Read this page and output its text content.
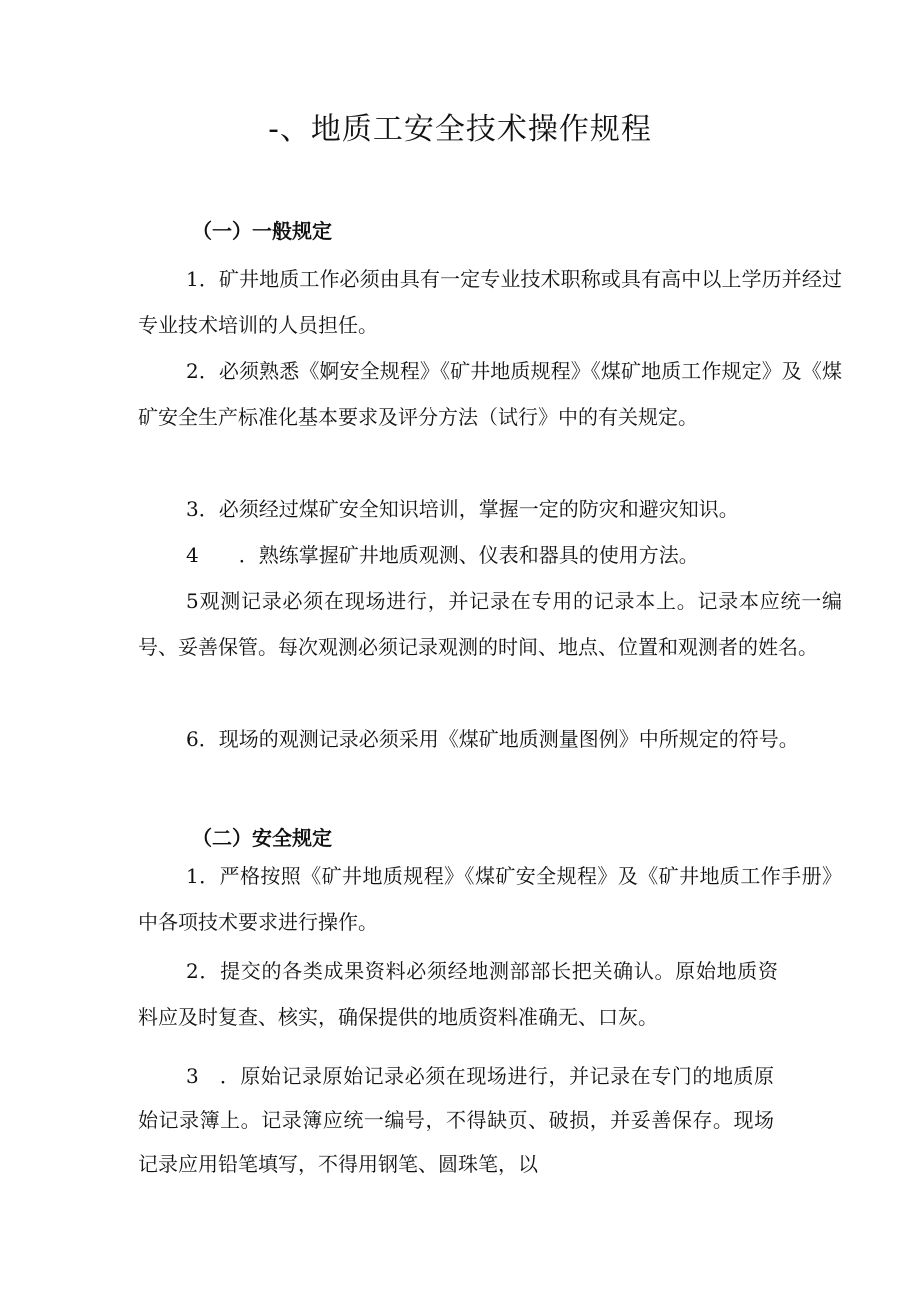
-、地质工安全技术操作规程
（一）一般规定

1．矿井地质工作必须由具有一定专业技术职称或具有高中以上学历并经过专业技术培训的人员担任。

2．必须熟悉《婀安全规程》《矿井地质规程》《煤矿地质工作规定》及《煤矿安全生产标准化基本要求及评分方法（试行》中的有关规定。

3．必须经过煤矿安全知识培训，掌握一定的防灾和避灾知识。

4　　．熟练掌握矿井地质观测、仪表和器具的使用方法。

5观测记录必须在现场进行，并记录在专用的记录本上。记录本应统一编号、妥善保管。每次观测必须记录观测的时间、地点、位置和观测者的姓名。

6．现场的观测记录必须采用《煤矿地质测量图例》中所规定的符号。

（二）安全规定

1．严格按照《矿井地质规程》《煤矿安全规程》及《矿井地质工作手册》中各项技术要求进行操作。

2．提交的各类成果资料必须经地测部部长把关确认。原始地质资料应及时复查、核实，确保提供的地质资料准确无、口灰。

3　．原始记录原始记录必须在现场进行，并记录在专门的地质原始记录簿上。记录簿应统一编号，不得缺页、破损，并妥善保存。现场记录应用铅笔填写，不得用钢笔、圆珠笔，以
